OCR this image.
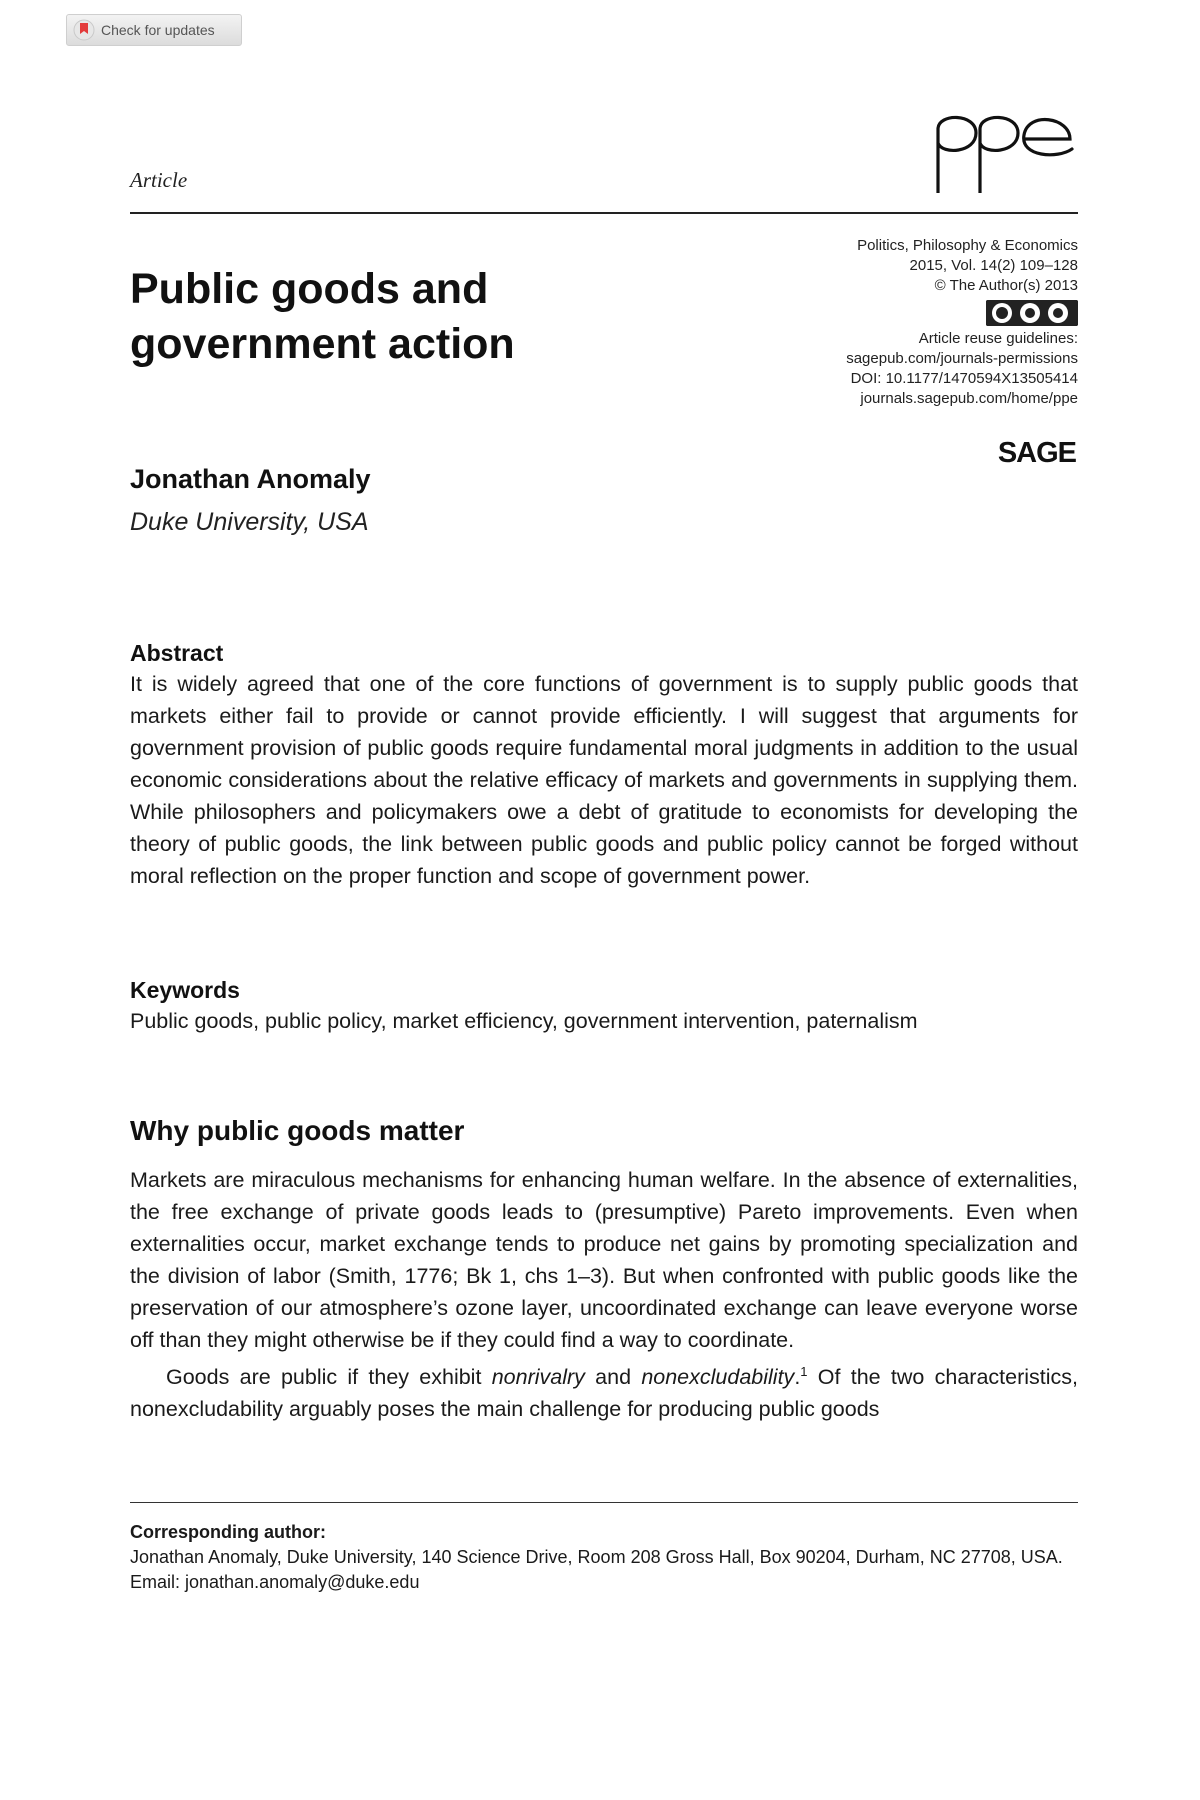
Check for updates
Article
Public goods and
government action
Politics, Philosophy & Economics
2015, Vol. 14(2) 109–128
© The Author(s) 2013
Article reuse guidelines:
sagepub.com/journals-permissions
DOI: 10.1177/1470594X13505414
journals.sagepub.com/home/ppe
SAGE
Jonathan Anomaly
Duke University, USA
Abstract

It is widely agreed that one of the core functions of government is to supply public goods that markets either fail to provide or cannot provide efficiently. I will suggest that arguments for government provision of public goods require fundamental moral judgments in addition to the usual economic considerations about the relative efficacy of markets and governments in supplying them. While philosophers and policymakers owe a debt of gratitude to economists for developing the theory of public goods, the link between public goods and public policy cannot be forged without moral reflection on the proper function and scope of government power.

Keywords

Public goods, public policy, market efficiency, government intervention, paternalism

Why public goods matter

Markets are miraculous mechanisms for enhancing human welfare. In the absence of externalities, the free exchange of private goods leads to (presumptive) Pareto improvements. Even when externalities occur, market exchange tends to produce net gains by promoting specialization and the division of labor (Smith, 1776; Bk 1, chs 1–3). But when confronted with public goods like the preservation of our atmosphere’s ozone layer, uncoordinated exchange can leave everyone worse off than they might otherwise be if they could find a way to coordinate.

Goods are public if they exhibit nonrivalry and nonexcludability.$^1$ Of the two characteristics, nonexcludability arguably poses the main challenge for producing public goods

Corresponding author:
Jonathan Anomaly, Duke University, 140 Science Drive, Room 208 Gross Hall, Box 90204, Durham, NC 27708, USA.
Email: jonathan.anomaly@duke.edu
